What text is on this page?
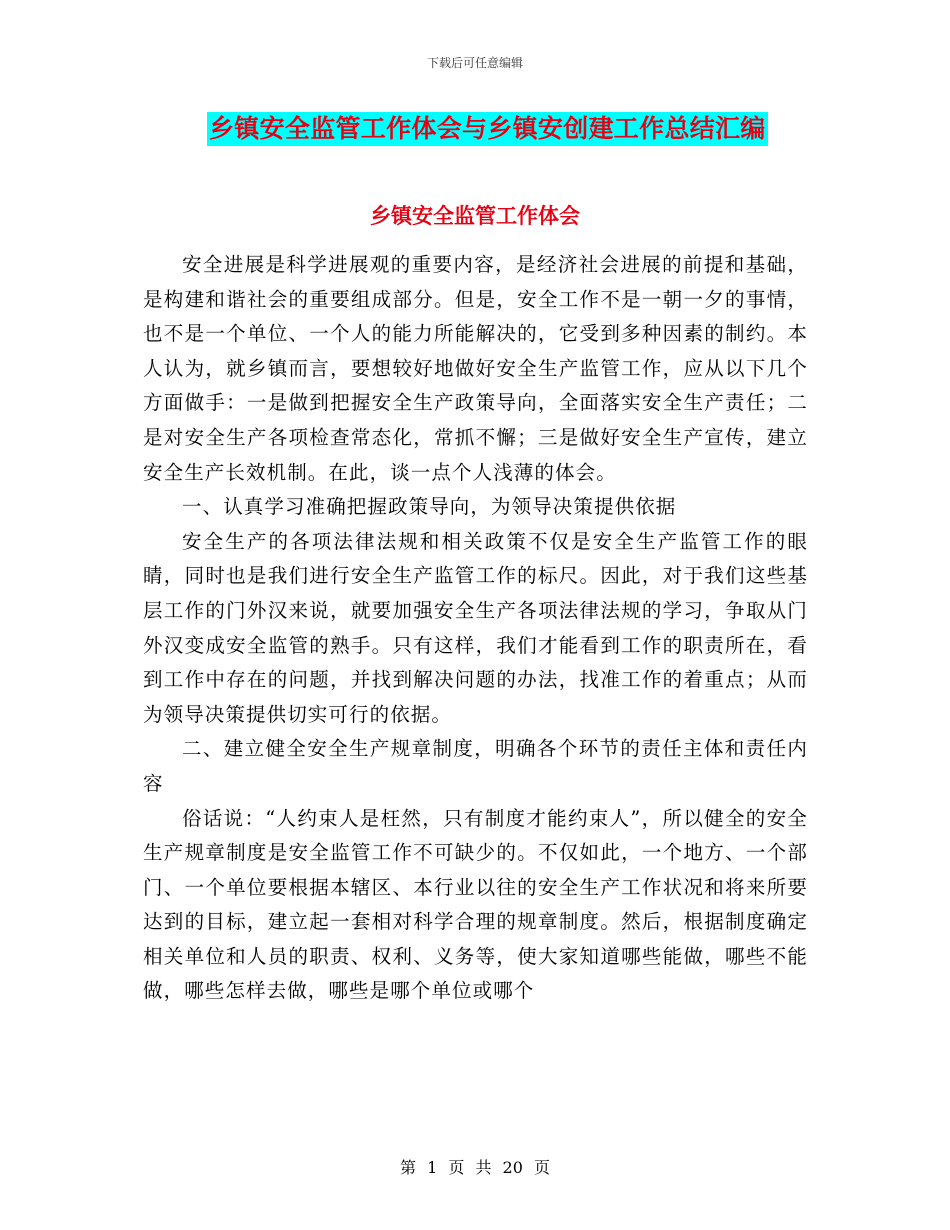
下载后可任意编辑
乡镇安全监管工作体会与乡镇安创建工作总结汇编
乡镇安全监管工作体会

安全进展是科学进展观的重要内容，是经济社会进展的前提和基础，是构建和谐社会的重要组成部分。但是，安全工作不是一朝一夕的事情，也不是一个单位、一个人的能力所能解决的，它受到多种因素的制约。本人认为，就乡镇而言，要想较好地做好安全生产监管工作，应从以下几个方面做手：一是做到把握安全生产政策导向，全面落实安全生产责任；二是对安全生产各项检查常态化，常抓不懈；三是做好安全生产宣传，建立安全生产长效机制。在此，谈一点个人浅薄的体会。

一、认真学习准确把握政策导向，为领导决策提供依据

安全生产的各项法律法规和相关政策不仅是安全生产监管工作的眼睛，同时也是我们进行安全生产监管工作的标尺。因此，对于我们这些基层工作的门外汉来说，就要加强安全生产各项法律法规的学习，争取从门外汉变成安全监管的熟手。只有这样，我们才能看到工作的职责所在，看到工作中存在的问题，并找到解决问题的办法，找准工作的着重点；从而为领导决策提供切实可行的依据。

二、建立健全安全生产规章制度，明确各个环节的责任主体和责任内容

俗话说：“人约束人是枉然，只有制度才能约束人”，所以健全的安全生产规章制度是安全监管工作不可缺少的。不仅如此，一个地方、一个部门、一个单位要根据本辖区、本行业以往的安全生产工作状况和将来所要达到的目标，建立起一套相对科学合理的规章制度。然后，根据制度确定相关单位和人员的职责、权利、义务等，使大家知道哪些能做，哪些不能做，哪些怎样去做，哪些是哪个单位或哪个

第 1 页 共 20 页
